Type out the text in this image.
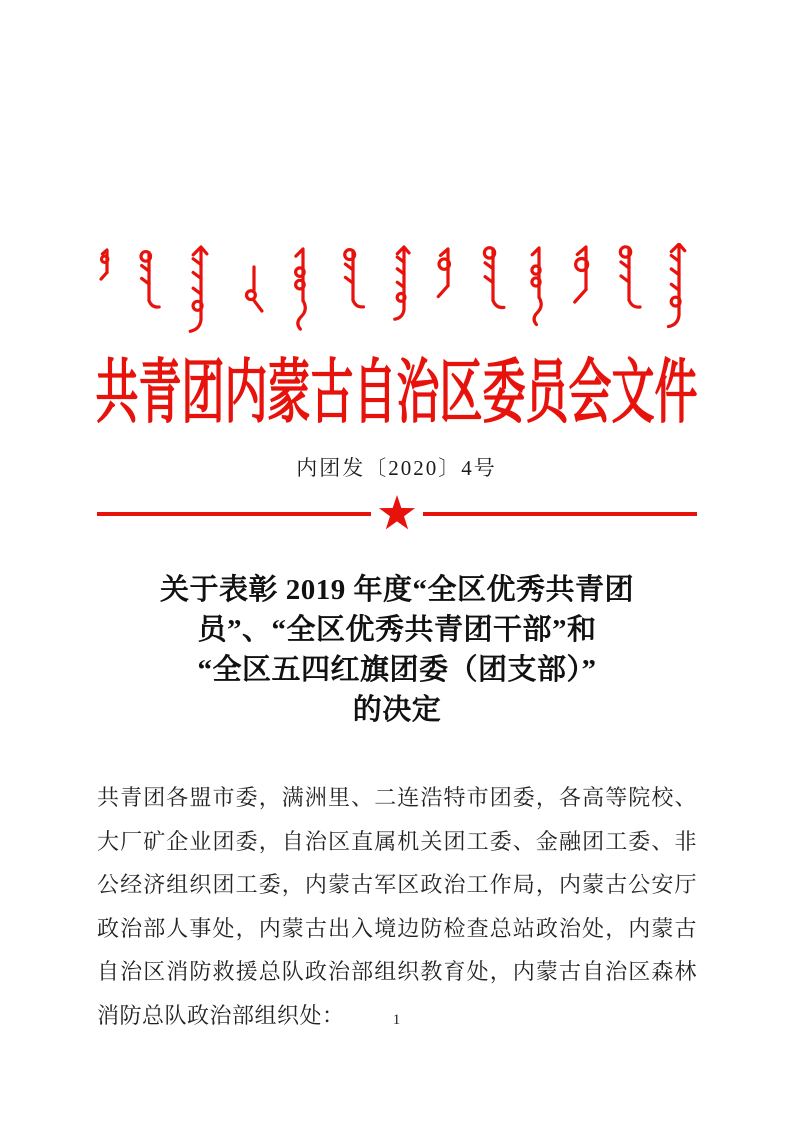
共青团内蒙古自治区委员会文件
内团发〔2020〕4号
关于表彰 2019 年度“全区优秀共青团
员”、“全区优秀共青团干部”和
“全区五四红旗团委（团支部）”
的决定
共青团各盟市委，满洲里、二连浩特市团委，各高等院校、
大厂矿企业团委，自治区直属机关团工委、金融团工委、非
公经济组织团工委，内蒙古军区政治工作局，内蒙古公安厅
政治部人事处，内蒙古出入境边防检查总站政治处，内蒙古
自治区消防救援总队政治部组织教育处，内蒙古自治区森林
消防总队政治部组织处：	1
